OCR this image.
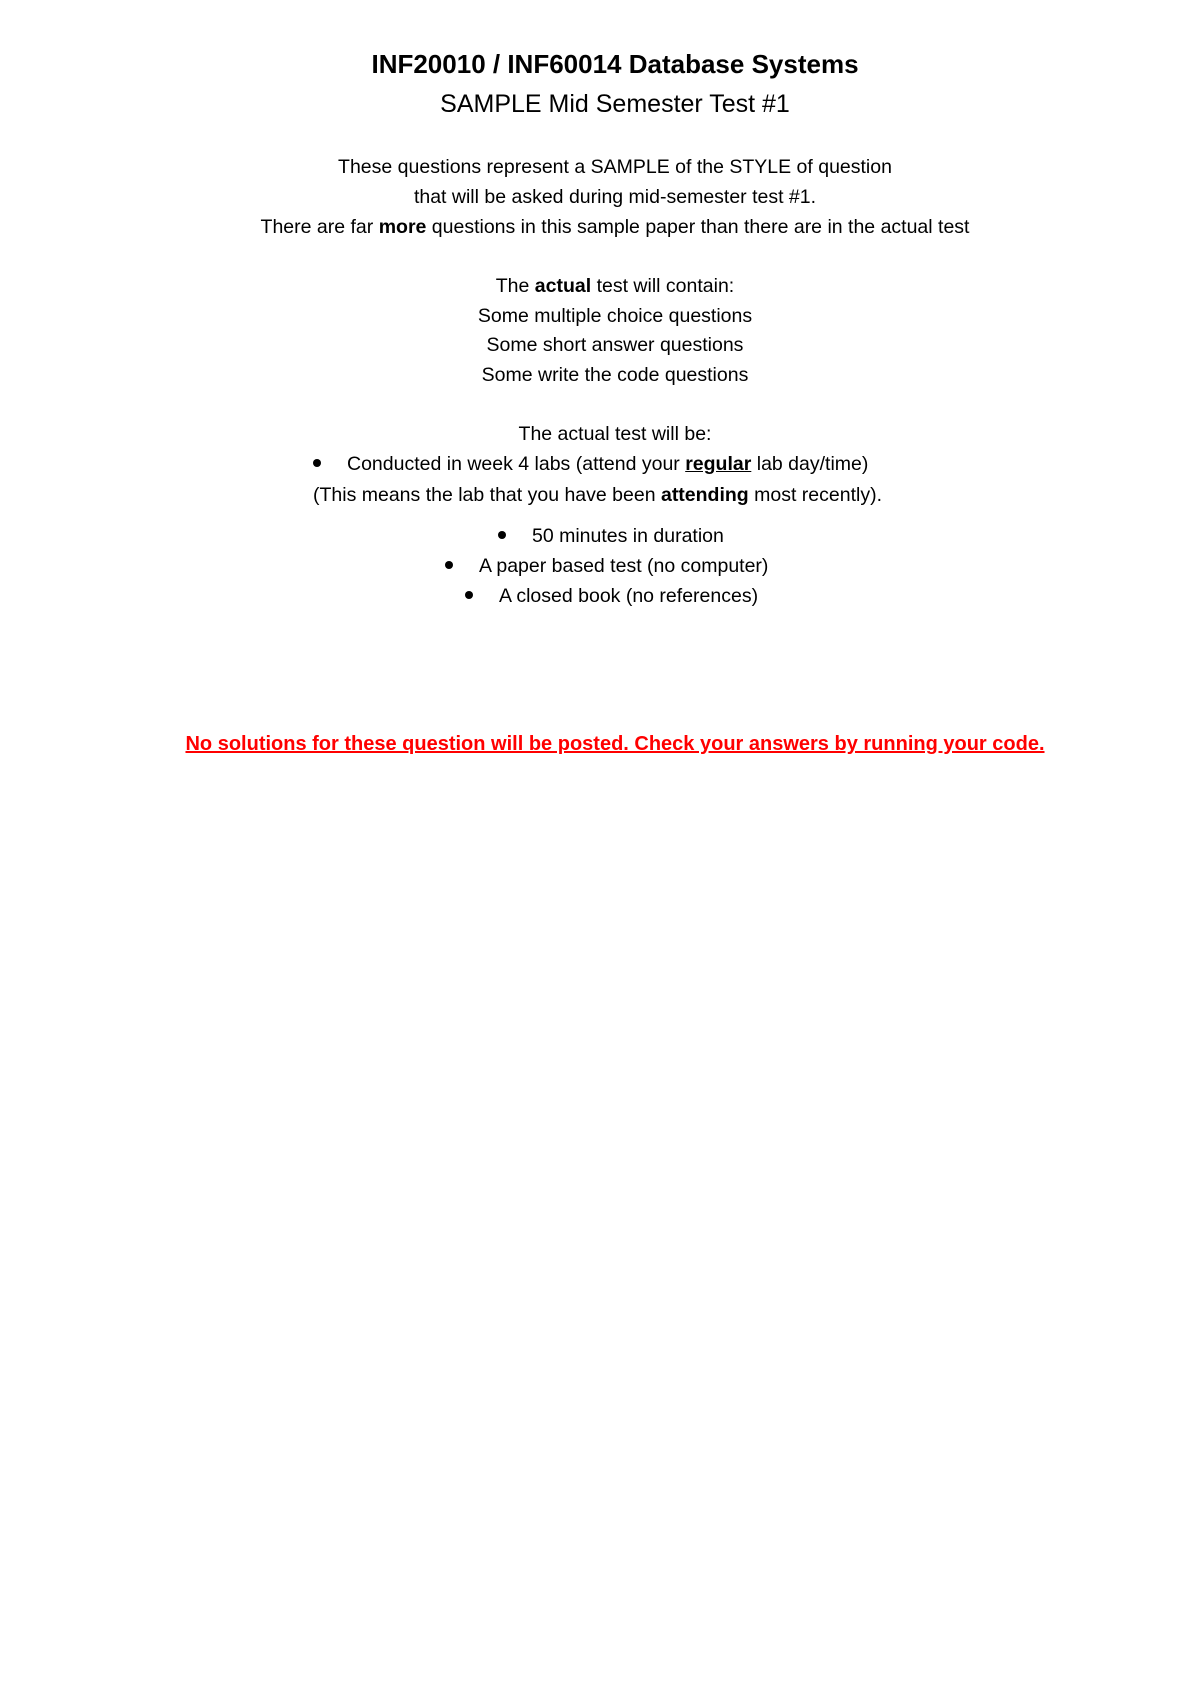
INF20010 / INF60014 Database Systems
SAMPLE Mid Semester Test #1
These questions represent a SAMPLE of the STYLE of question
that will be asked during mid-semester test #1.
There are far more questions in this sample paper than there are in the actual test
The actual test will contain:
Some multiple choice questions
Some short answer questions
Some write the code questions
The actual test will be:
Conducted in week 4 labs (attend your regular lab day/time)
(This means the lab that you have been attending most recently).
50 minutes in duration
A paper based test (no computer)
A closed book (no references)
No solutions for these question will be posted. Check your answers by running your code.
